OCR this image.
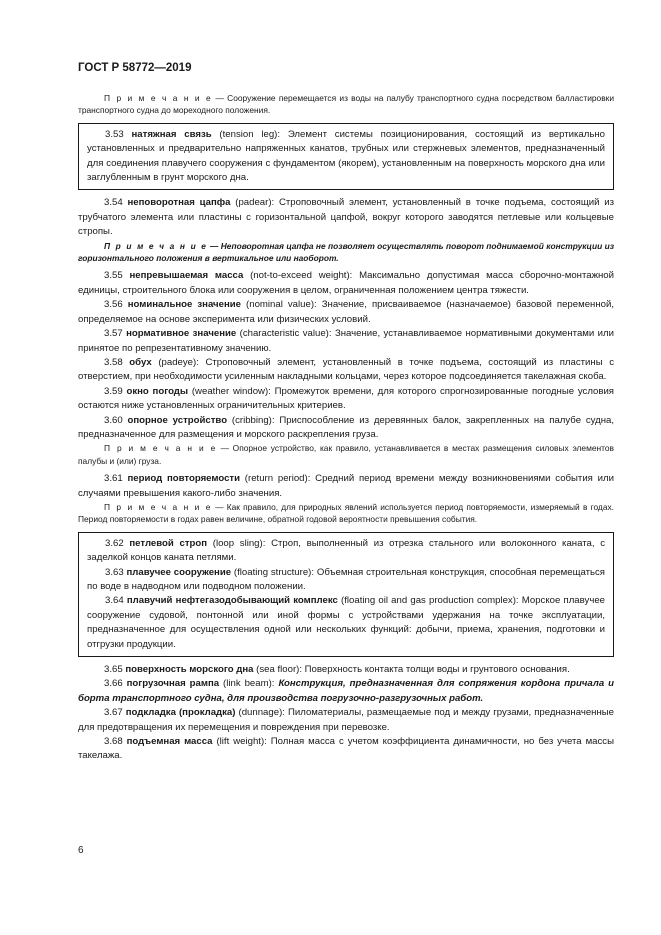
ГОСТ Р 58772—2019

П р и м е ч а н и е — Сооружение перемещается из воды на палубу транспортного судна посредством балластировки транспортного судна до мореходного положения.

3.53 натяжная связь (tension leg): Элемент системы позиционирования, состоящий из вертикально установленных и предварительно напряженных канатов, трубных или стержневых элементов, предназначенный для соединения плавучего сооружения с фундаментом (якорем), установленным на поверхность морского дна или заглубленным в грунт морского дна.

3.54 неповоротная цапфа (padear): Строповочный элемент, установленный в точке подъема, состоящий из трубчатого элемента или пластины с горизонтальной цапфой, вокруг которого заводятся петлевые или кольцевые стропы.

П р и м е ч а н и е — Неповоротная цапфа не позволяет осуществлять поворот поднимаемой конструкции из горизонтального положения в вертикальное или наоборот.

3.55 непревышаемая масса (not-to-exceed weight): Максимально допустимая масса сборочно-монтажной единицы, строительного блока или сооружения в целом, ограниченная положением центра тяжести.

3.56 номинальное значение (nominal value): Значение, присваиваемое (назначаемое) базовой переменной, определяемое на основе эксперимента или физических условий.

3.57 нормативное значение (characteristic value): Значение, устанавливаемое нормативными документами или принятое по репрезентативному значению.

3.58 обух (padeye): Строповочный элемент, установленный в точке подъема, состоящий из пластины с отверстием, при необходимости усиленным накладными кольцами, через которое подсоединяется такелажная скоба.

3.59 окно погоды (weather window): Промежуток времени, для которого спрогнозированные погодные условия остаются ниже установленных ограничительных критериев.

3.60 опорное устройство (cribbing): Приспособление из деревянных балок, закрепленных на палубе судна, предназначенное для размещения и морского раскрепления груза.

П р и м е ч а н и е — Опорное устройство, как правило, устанавливается в местах размещения силовых элементов палубы и (или) груза.

3.61 период повторяемости (return period): Средний период времени между возникновениями события или случаями превышения какого-либо значения.

П р и м е ч а н и е — Как правило, для природных явлений используется период повторяемости, измеряемый в годах. Период повторяемости в годах равен величине, обратной годовой вероятности превышения события.

3.62 петлевой строп (loop sling): Строп, выполненный из отрезка стального или волоконного каната, с заделкой концов каната петлями.

3.63 плавучее сооружение (floating structure): Объемная строительная конструкция, способная перемещаться по воде в надводном или подводном положении.

3.64 плавучий нефтегазодобывающий комплекс (floating oil and gas production complex): Морское плавучее сооружение судовой, понтонной или иной формы с устройствами удержания на точке эксплуатации, предназначенное для осуществления одной или нескольких функций: добычи, приема, хранения, подготовки и отгрузки продукции.

3.65 поверхность морского дна (sea floor): Поверхность контакта толщи воды и грунтового основания.

3.66 погрузочная рампа (link beam): Конструкция, предназначенная для сопряжения кордона причала и борта транспортного судна, для производства погрузочно-разгрузочных работ.

3.67 подкладка (прокладка) (dunnage): Пиломатериалы, размещаемые под и между грузами, предназначенные для предотвращения их перемещения и повреждения при перевозке.

3.68 подъемная масса (lift weight): Полная масса с учетом коэффициента динамичности, но без учета массы такелажа.

6
